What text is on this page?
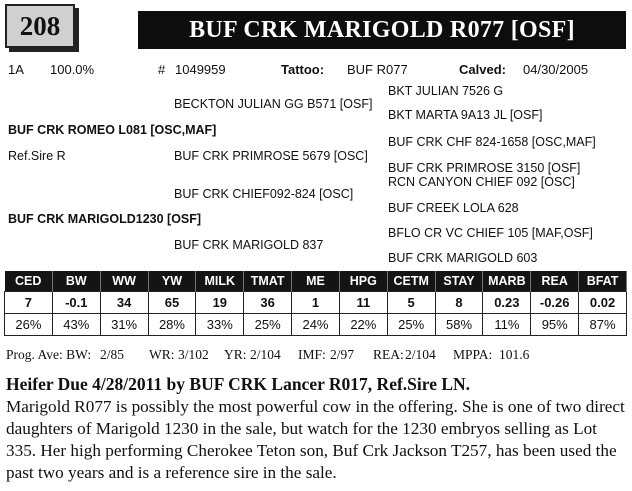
208	BUF CRK MARIGOLD R077 [OSF]
1A 100.0%	# 1049959	Tattoo: BUF R077	Calved: 04/30/2005
BKT JULIAN 7526 G
BECKTON JULIAN GG B571 [OSF]
BKT MARTA 9A13 JL [OSF]
BUF CRK ROMEO L081 [OSC,MAF]
BUF CRK CHF 824-1658 [OSC,MAF]
Ref.Sire R	BUF CRK PRIMROSE 5679 [OSC]
BUF CRK PRIMROSE 3150 [OSF]
RCN CANYON CHIEF 092 [OSC]
BUF CRK CHIEF092-824 [OSC]
BUF CREEK LOLA 628
BUF CRK MARIGOLD1230 [OSF]
BFLO CR VC CHIEF 105 [MAF,OSF]
BUF CRK MARIGOLD 837
BUF CRK MARIGOLD 603
CED	BW	WW	YW	MILK	TMAT	ME	HPG	CETM	STAY	MARB	REA	BFAT
7	-0.1	34	65	19	36	1	11	5	8	0.23	-0.26	0.02
26%	43%	31%	28%	33%	25%	24%	22%	25%	58%	11%	95%	87%
Prog. Ave: BW: 2/85 WR: 3/102 YR: 2/104 IMF: 2/97 REA: 2/104 MPPA: 101.6
Heifer Due 4/28/2011 by BUF CRK Lancer R017, Ref.Sire LN.
Marigold R077 is possibly the most powerful cow in the offering. She is one of two direct daughters of Marigold 1230 in the sale, but watch for the 1230 embryos selling as Lot 335. Her high performing Cherokee Teton son, Buf Crk Jackson T257, has been used the past two years and is a reference sire in the sale.
